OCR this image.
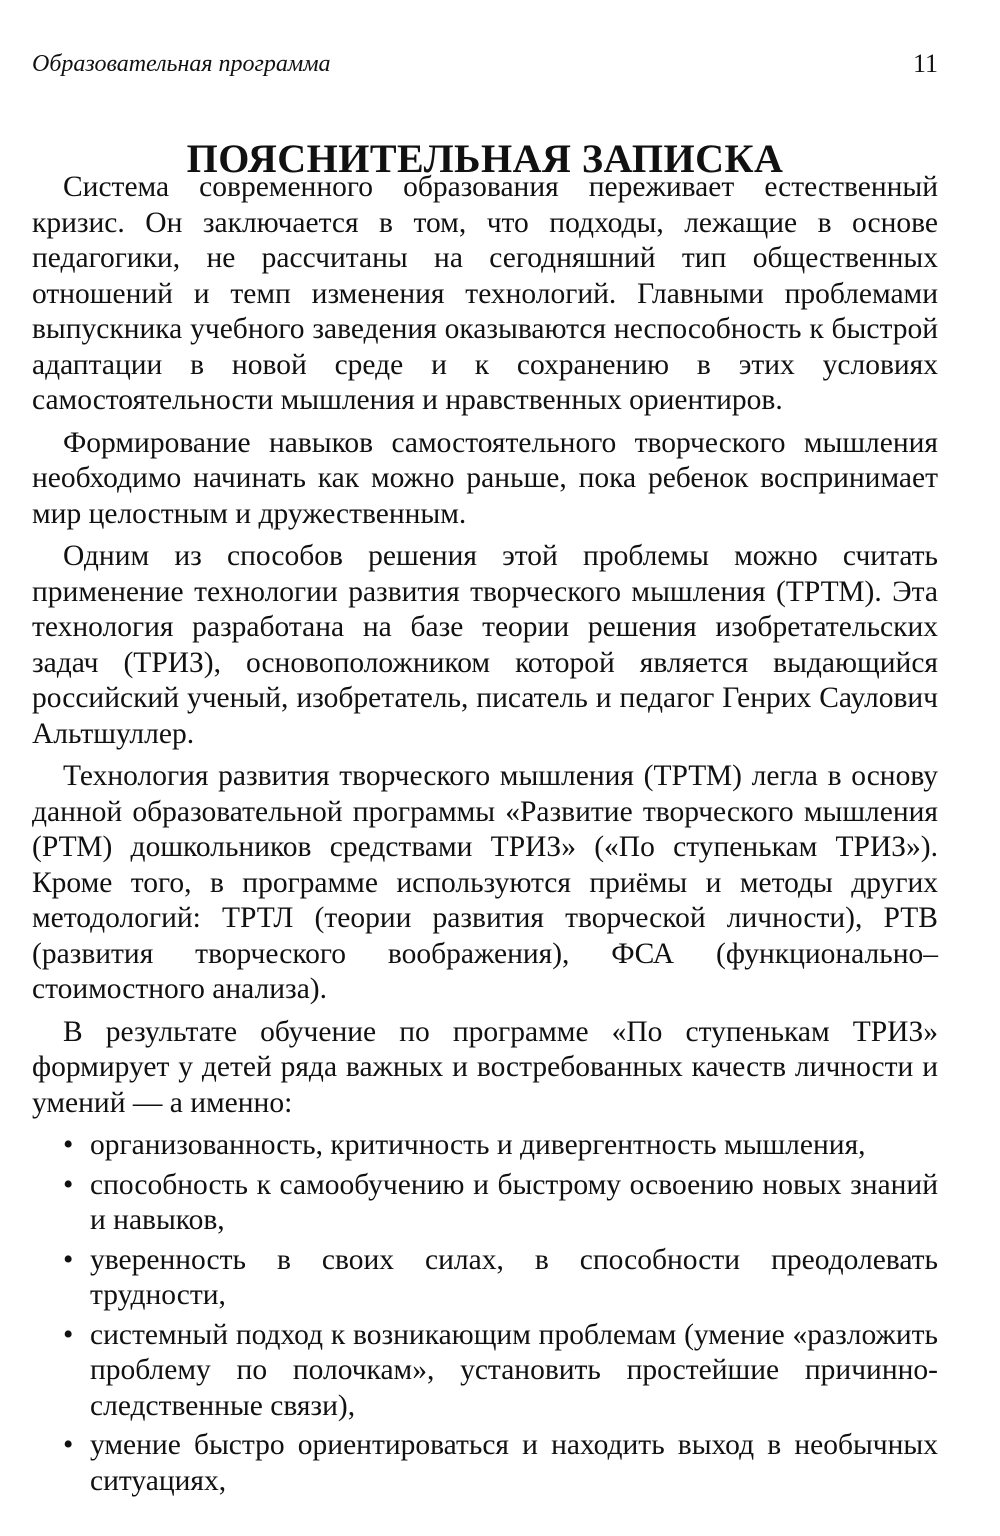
Образовательная программа	11
ПОЯСНИТЕЛЬНАЯ ЗАПИСКА

Система современного образования переживает естественный кризис. Он заключается в том, что подходы, лежащие в основе педагогики, не рассчитаны на сегодняшний тип общественных отношений и темп изменения технологий. Главными проблемами выпускника учебного заведения оказываются неспособность к быстрой адаптации в новой среде и к сохранению в этих условиях самостоятельности мышления и нравственных ориентиров.

Формирование навыков самостоятельного творческого мышления необходимо начинать как можно раньше, пока ребенок воспринимает мир целостным и дружественным.

Одним из способов решения этой проблемы можно считать применение технологии развития творческого мышления (ТРТМ). Эта технология разработана на базе теории решения изобретательских задач (ТРИЗ), основоположником которой является выдающийся российский ученый, изобретатель, писатель и педагог Генрих Саулович Альтшуллер.

Технология развития творческого мышления (ТРТМ) легла в основу данной образовательной программы «Развитие творческого мышления (РТМ) дошкольников средствами ТРИЗ» («По ступенькам ТРИЗ»). Кроме того, в программе используются приёмы и методы других методологий: ТРТЛ (теории развития творческой личности), РТВ (развития творческого воображения), ФСА (функционально–стоимостного анализа).

В результате обучение по программе «По ступенькам ТРИЗ» формирует у детей ряда важных и востребованных качеств личности и умений — а именно:

• организованность, критичность и дивергентность мышления,
• способность к самообучению и быстрому освоению новых знаний и навыков,
• уверенность в своих силах, в способности преодолевать трудности,
• системный подход к возникающим проблемам (умение «разложить проблему по полочкам», установить простейшие причинно-следственные связи),
• умение быстро ориентироваться и находить выход в необычных ситуациях,
